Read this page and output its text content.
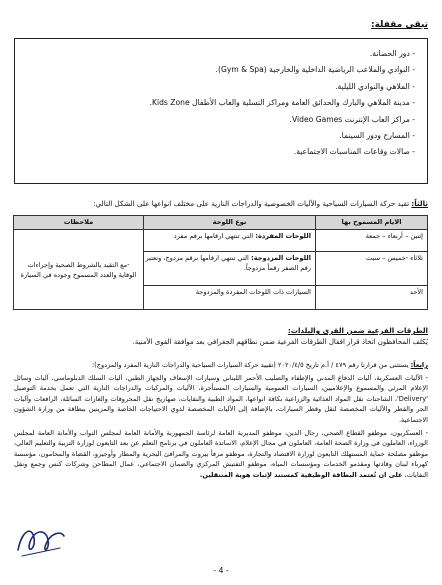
تبقى مقفلة:
- دور الحضانة.
- النوادي والملاعب الرياضية الداخلية والخارجية (Gym & Spa).
- الملاهي والنوادي الليلية.
- مدينة الملاهي والبارك والحدائق العامة ومراكز التسلية والعاب الأطفال Kids Zone.
- مراكز العاب الإنترنت Video Games.
- المسارح ودور السينما.
- صالات وقاعات المناسبات الاجتماعية.
ثالثاً: تقيد حركة السيارات السياحية والآليات الخصوصية والدراجات النارية على مختلف انواعها على الشكل التالي:
الايام المسموح بها	نوع اللوحة	ملاحظات
إثنين – أربعاء – جمعة	اللوحات المفردة: التي تنتهي ارقامها برقم مفرد	-مع التقيد بالشروط الصحية وإجراءات الوقاية والعدد المسموح وجوده في السيارة
ثلاثاء -خميس – سبت	اللوحات المزدوجة: التي تنتهي ارقامها برقم مزدوج، وتعتبر
رقم الصفر رقماً مزدوجاً.	

الأحد	السيارات ذات اللوحات المفردة والمزدوجة	
الطرقات الفرعية ضمن القرى والبلدات:
يُكلف المحافظون اتخاذ قرار اقفال الطرقات الفرعية ضمن نطاقهم الجغرافي بعد موافقة القوى الأمنية.

رابعاً: يستثنى من قرارنا رقم ٤٧٩ / أ.م تاريخ ٢٠٢٠/٤/٥ (تقييد حركة السيارات السياحية والدراجات النارية المفرد والمزدوج):

- الآليات العسكرية، آليات الدفاع المدني والإطفاء والصليب الأحمر اللبناني وسيارات الإسعاف والجهاز الطبي، آليات السلك الدبلوماسي، آليات وسائل الإعلام المرئي والمسموع والإعلاميين، السيارات العمومية والسيارات المستأجرة، الآليات والمركبات والدراجات النارية التي تعمل بخدمة التوصيل 'Delivery'، الشاحنات نقل المواد الغذائية والزراعية بكافة انواعها، المواد الطبية والنفايات، صهاريج نقل المحروقات والغازات السائلة، الرافعات وآليات الجر والقطر والآليات المخصصة لنقل وقطر السيارات، بالإضافة إلى الآليات المخصصة لذوي الاحتياجات الخاصة والمزينين ببطاقة من وزارة الشؤون الاجتماعية.

- العسكريون، موظفو القطاع الصحي، رجال الدين، موظفو المديرية العامة لرئاسة الجمهورية والأمانة العامة لمجلس النواب والأمانة العامة لمجلس الوزراء، العاملون في وزارة الصحة العامة، العاملون في مجال الإعلام، الاساتذة العاملون في برنامج التعلم عن بعد التابعون لوزارة التربية والتعليم العالي، موظفو مصلحة حماية المستهلك التابعون لوزارة الاقتصاد والتجارة، موظفو مرفأ بيروت والمرافئ البحرية والمطار وأوجيرو، القضاة والمحامون، مؤسسة كهرباء لبنان وقادتها ومقدمو الخدمات ومؤسسات المياه، موظفو التفتيش المركزي والضمان الاجتماعي، عمال المطاحن وشركات كنس وجمع ونقل النفايات، على ان تُعتمد البطاقة الوظيفية كمستند لإثبات هوية المتنقلين.

- 4 -
